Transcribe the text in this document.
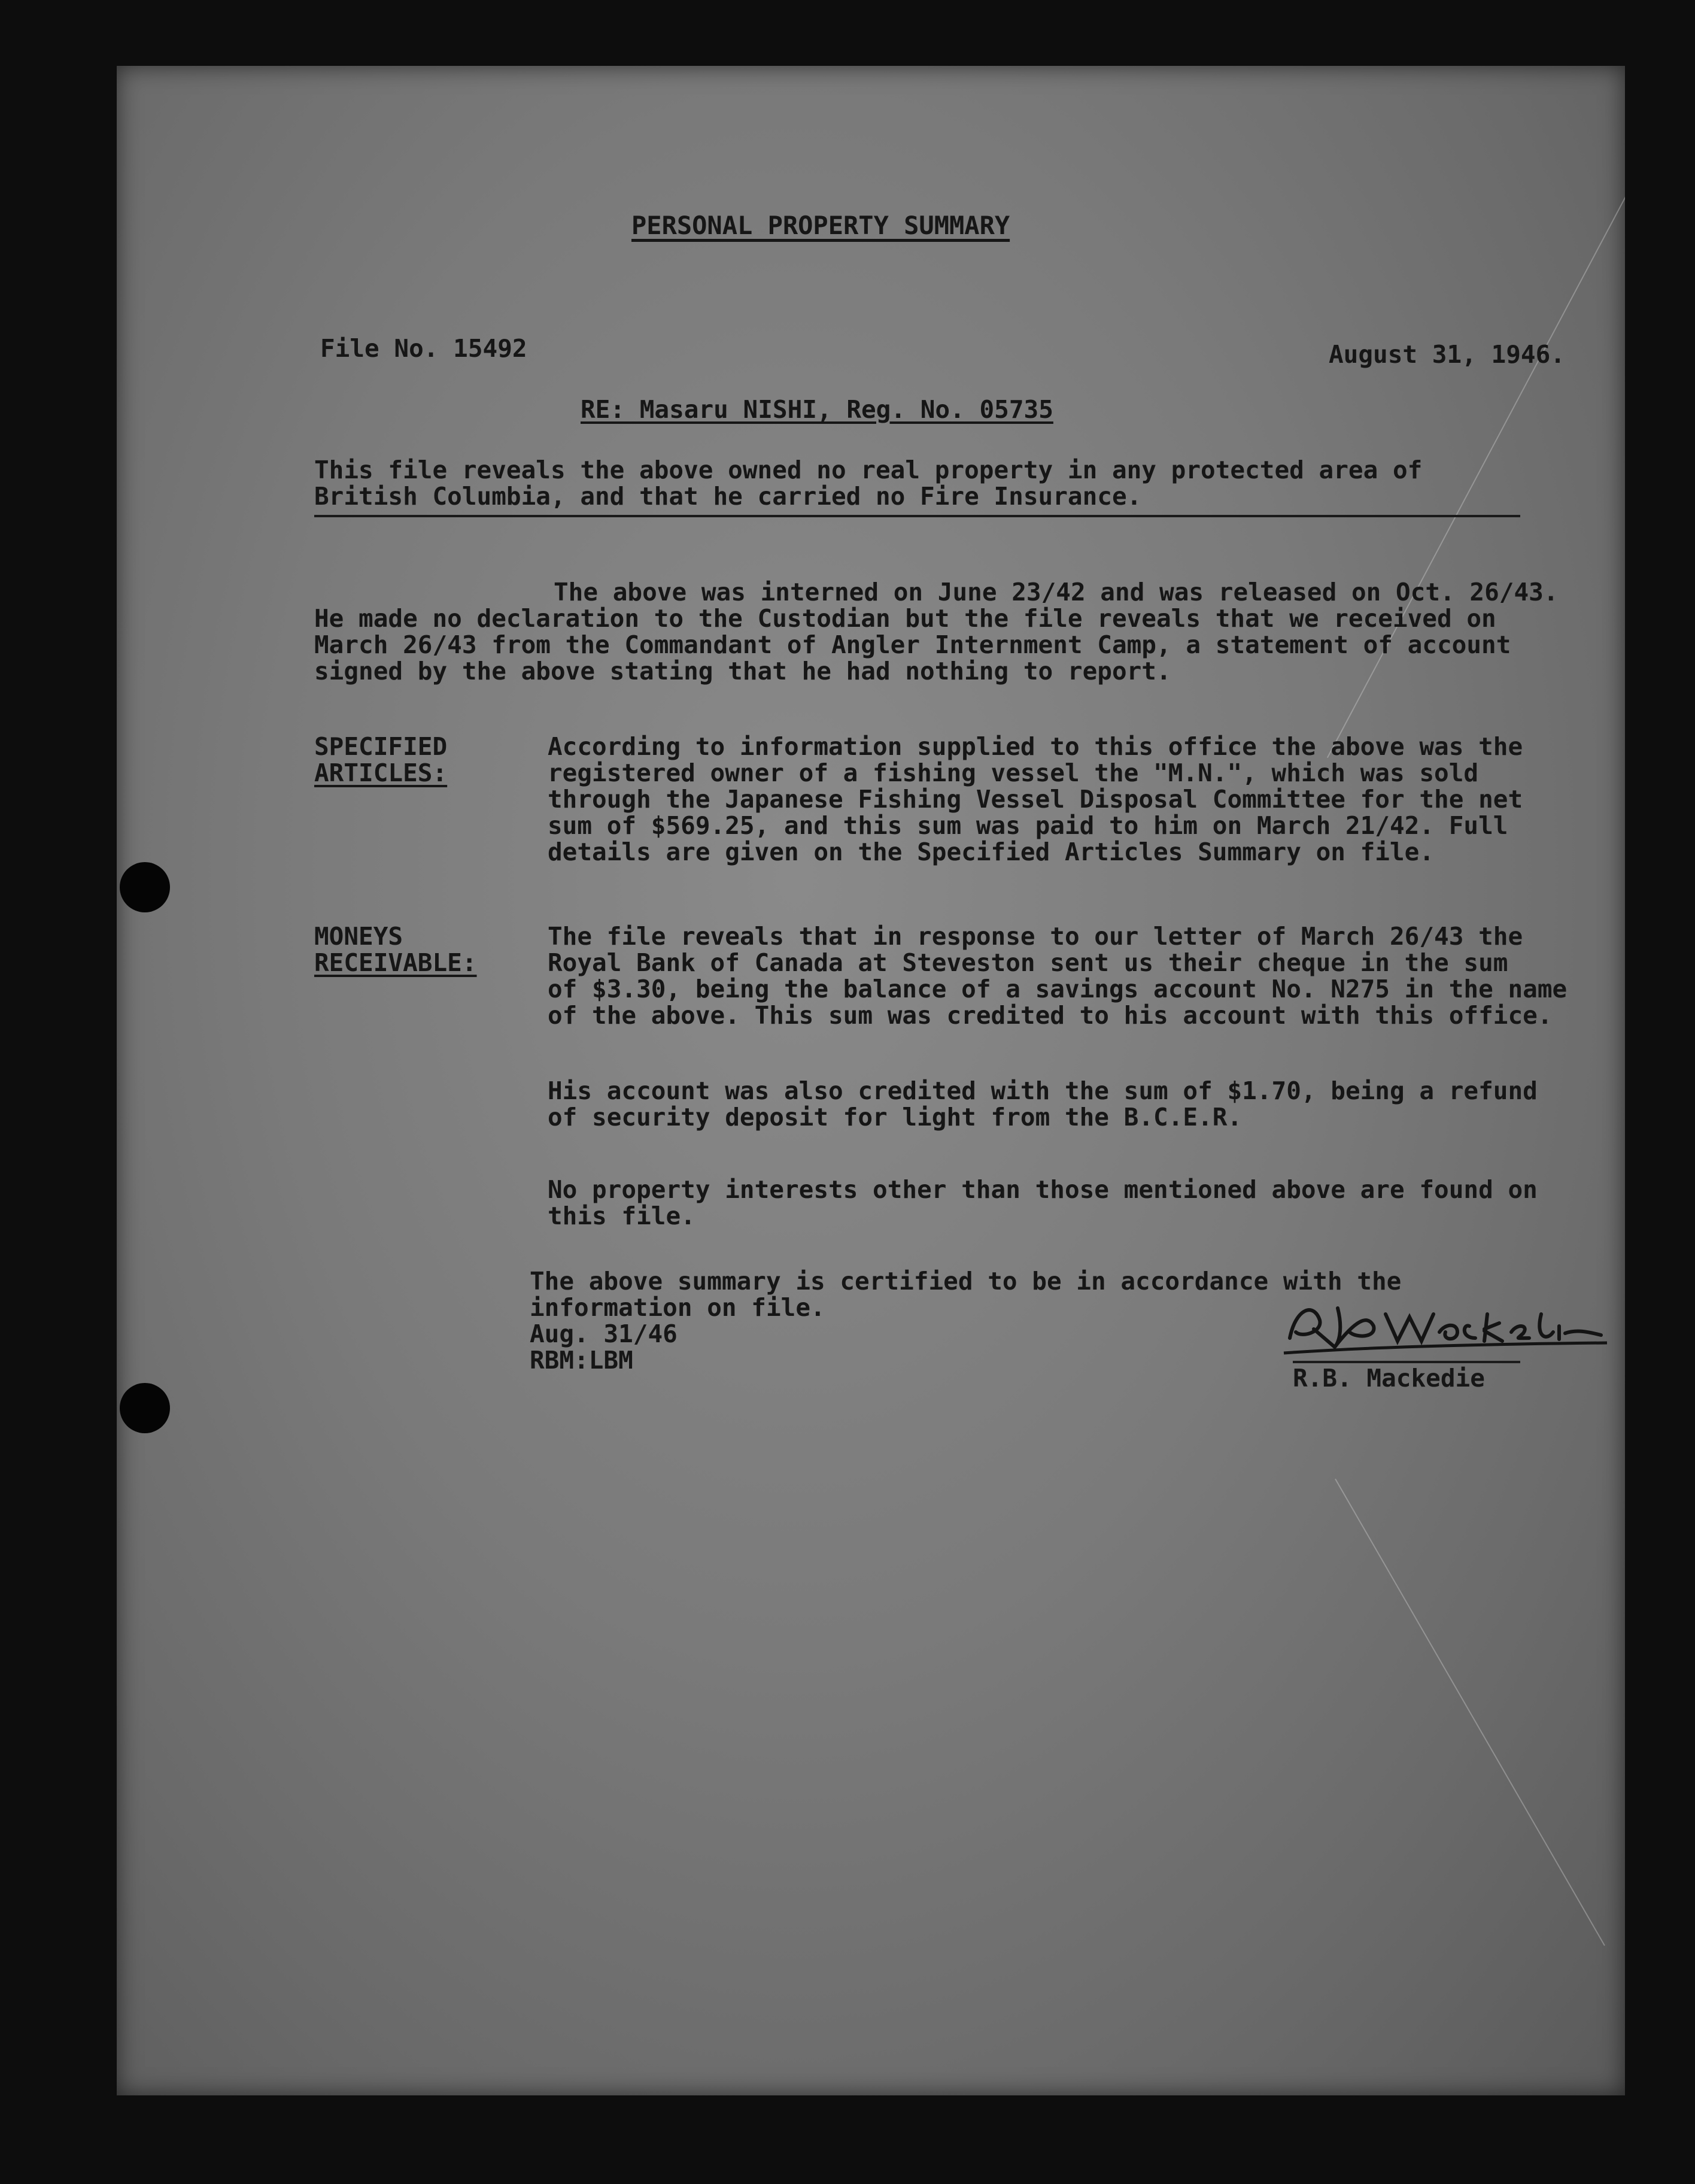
PERSONAL PROPERTY SUMMARY
File No. 15492	August 31, 1946.
RE: Masaru NISHI, Reg. No. 05735
This file reveals the above owned no real property in any protected area of
British Columbia, and that he carried no Fire Insurance.
The above was interned on June 23/42 and was released on Oct. 26/43.
He made no declaration to the Custodian but the file reveals that we received on
March 26/43 from the Commandant of Angler Internment Camp, a statement of account
signed by the above stating that he had nothing to report.
SPECIFIED
ARTICLES:
According to information supplied to this office the above was the
registered owner of a fishing vessel the "M.N.", which was sold
through the Japanese Fishing Vessel Disposal Committee for the net
sum of $569.25, and this sum was paid to him on March 21/42. Full
details are given on the Specified Articles Summary on file.
MONEYS
RECEIVABLE:
The file reveals that in response to our letter of March 26/43 the
Royal Bank of Canada at Steveston sent us their cheque in the sum
of $3.30, being the balance of a savings account No. N275 in the name
of the above. This sum was credited to his account with this office.
His account was also credited with the sum of $1.70, being a refund
of security deposit for light from the B.C.E.R.
No property interests other than those mentioned above are found on
this file.
The above summary is certified to be in accordance with the
information on file.
Aug. 31/46
RBM:LBM
R.B. Mackedie
